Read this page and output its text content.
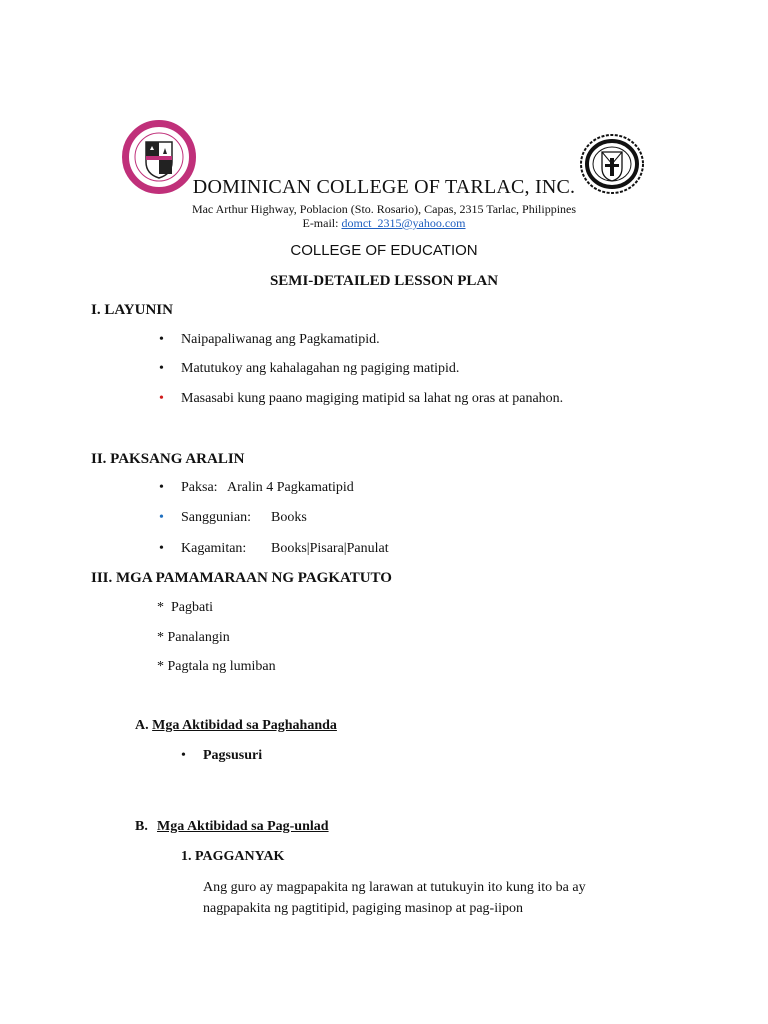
DOMINICAN COLLEGE OF TARLAC, INC.
Mac Arthur Highway, Poblacion (Sto. Rosario), Capas, 2315 Tarlac, Philippines
E-mail: domct_2315@yahoo.com
COLLEGE OF EDUCATION
SEMI-DETAILED LESSON PLAN
I. LAYUNIN
• Naipapaliwanag ang Pagkamatipid.
• Matutukoy ang kahalagahan ng pagiging matipid.
• Masasabi kung paano magiging matipid sa lahat ng oras at panahon.
II. PAKSANG ARALIN
• Paksa: Aralin 4 Pagkamatipid
• Sanggunian: Books
• Kagamitan: Books|Pisara|Panulat
III. MGA PAMAMARAAN NG PAGKATUTO
*  Pagbati
* Panalangin
* Pagtala ng lumiban
A. Mga Aktibidad sa Paghahanda
• Pagsusuri
B. Mga Aktibidad sa Pag-unlad
1. PAGGANYAK
Ang guro ay magpapakita ng larawan at tutukuyin ito kung ito ba ay nagpapakita ng pagtitipid, pagiging masinop at pag-iipon
